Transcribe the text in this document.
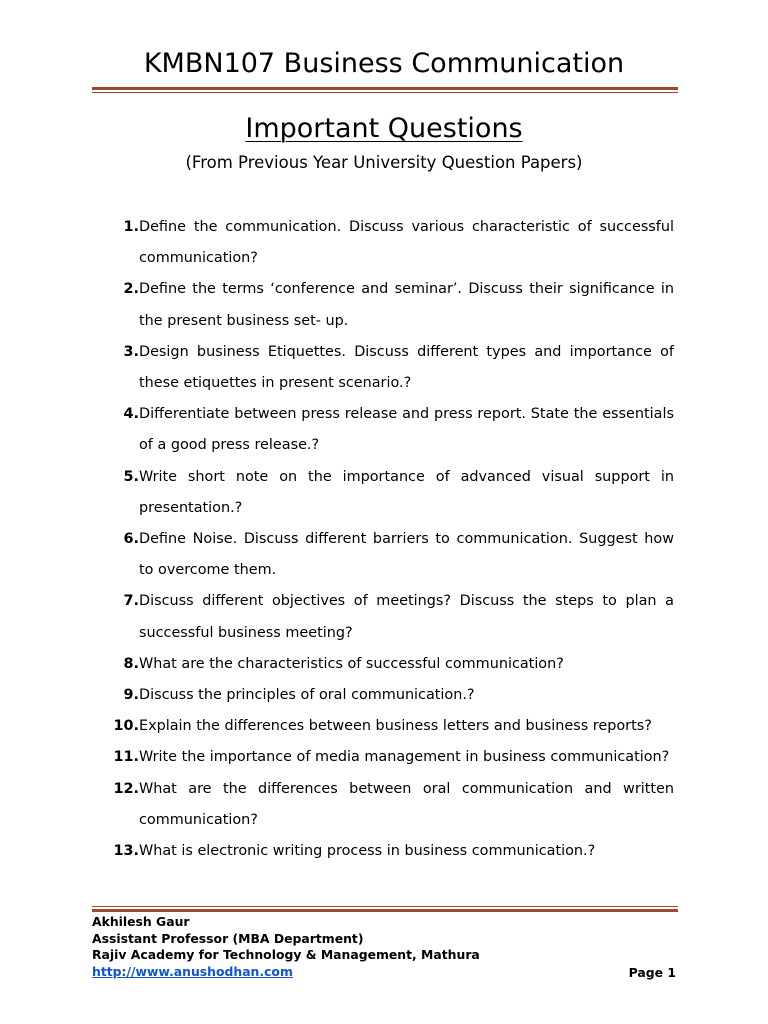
KMBN107 Business Communication
Important Questions
(From Previous Year University Question Papers)
1. Define the communication. Discuss various characteristic of successful communication?
2. Define the terms ‘conference and seminar’. Discuss their significance in the present business set- up.
3. Design business Etiquettes. Discuss different types and importance of these etiquettes in present scenario.?
4. Differentiate between press release and press report. State the essentials of a good press release.?
5. Write short note on the importance of advanced visual support in presentation.?
6. Define Noise. Discuss different barriers to communication. Suggest how to overcome them.
7. Discuss different objectives of meetings? Discuss the steps to plan a successful business meeting?
8. What are the characteristics of successful communication?
9. Discuss the principles of oral communication.?
10. Explain the differences between business letters and business reports?
11. Write the importance of media management in business communication?
12. What are the differences between oral communication and written communication?
13. What is electronic writing process in business communication.?
Akhilesh Gaur
Assistant Professor (MBA Department)
Rajiv Academy for Technology & Management, Mathura
http://www.anushodhan.com	Page 1
